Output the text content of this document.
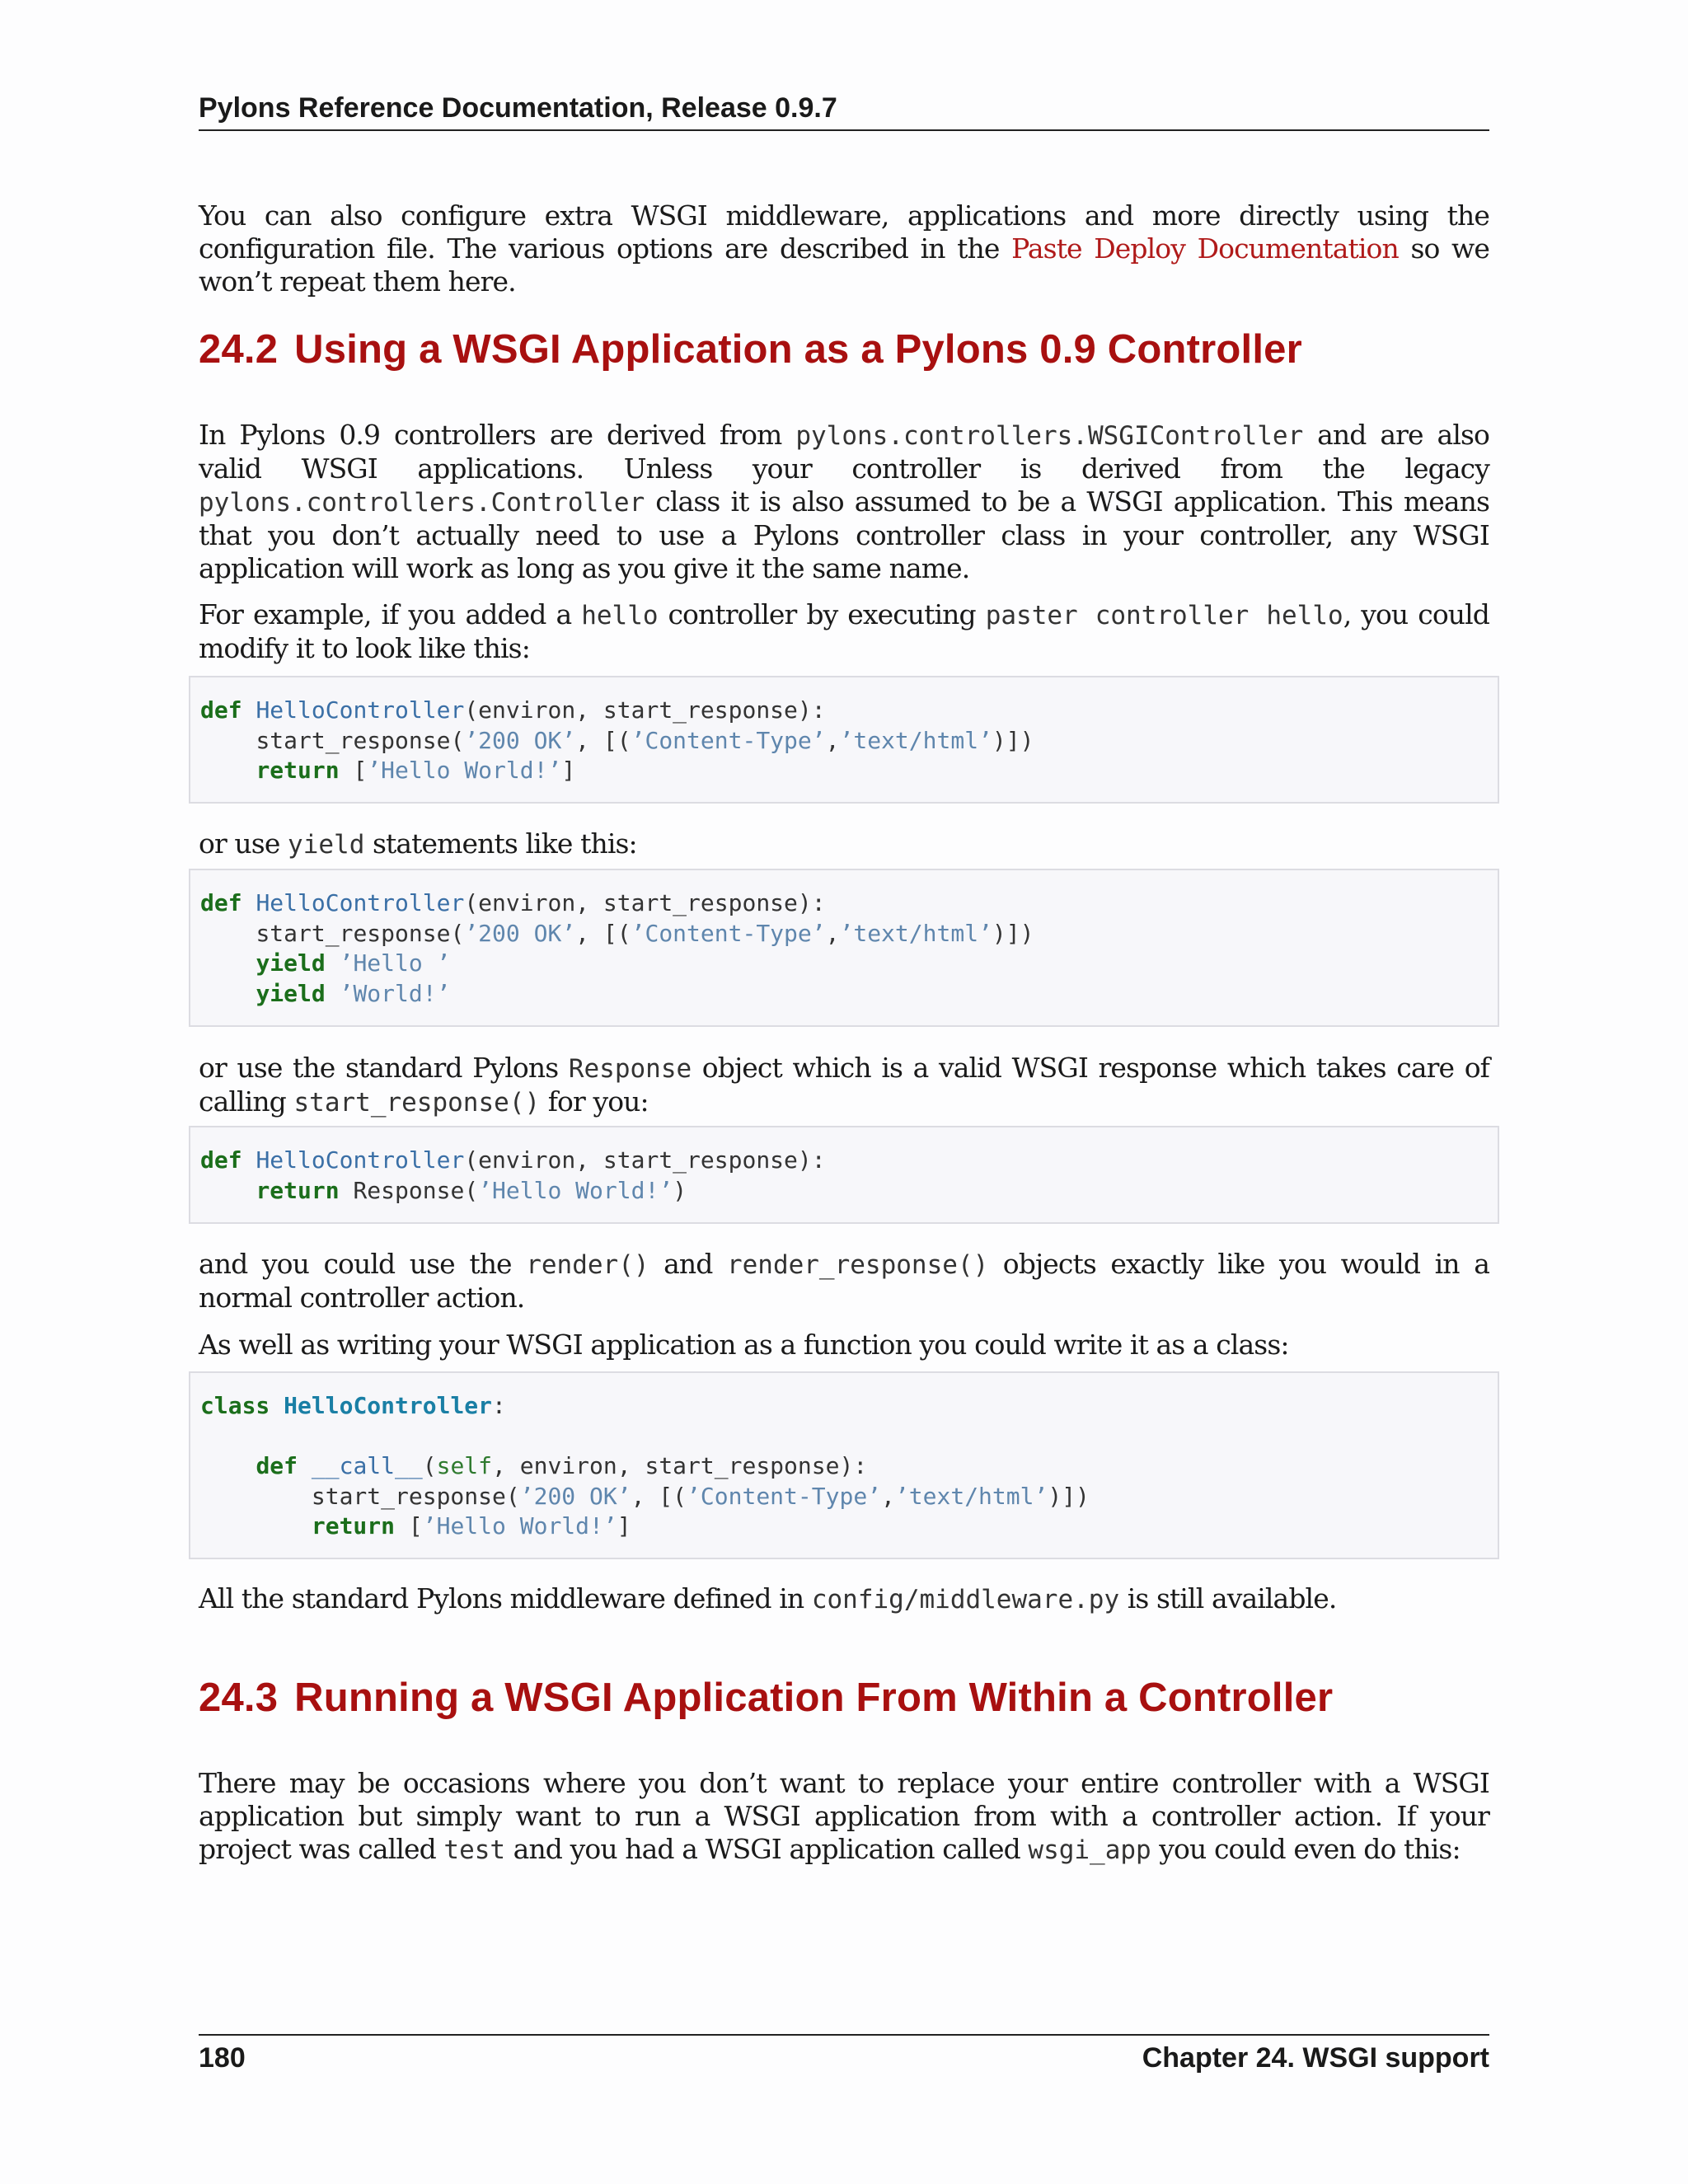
Pylons Reference Documentation, Release 0.9.7

You can also configure extra WSGI middleware, applications and more directly using the configuration file. The various options are described in the Paste Deploy Documentation so we won’t repeat them here.

24.2 Using a WSGI Application as a Pylons 0.9 Controller

In Pylons 0.9 controllers are derived from pylons.controllers.WSGIController and are also valid WSGI applications. Unless your controller is derived from the legacy pylons.controllers.Controller class it is also assumed to be a WSGI application. This means that you don’t actually need to use a Pylons controller class in your controller, any WSGI application will work as long as you give it the same name.

For example, if you added a hello controller by executing paster controller hello, you could modify it to look like this:

def HelloController(environ, start_response):
start_response(’200 OK’, [(’Content-Type’,’text/html’)])
return [’Hello World!’]

or use yield statements like this:

def HelloController(environ, start_response):
start_response(’200 OK’, [(’Content-Type’,’text/html’)])
yield ’Hello ’
yield ’World!’

or use the standard Pylons Response object which is a valid WSGI response which takes care of calling start_response() for you:

def HelloController(environ, start_response):
return Response(’Hello World!’)

and you could use the render() and render_response() objects exactly like you would in a normal controller action.

As well as writing your WSGI application as a function you could write it as a class:

class HelloController:

def __call__(self, environ, start_response):
start_response(’200 OK’, [(’Content-Type’,’text/html’)])
return [’Hello World!’]

All the standard Pylons middleware defined in config/middleware.py is still available.

24.3 Running a WSGI Application From Within a Controller

There may be occasions where you don’t want to replace your entire controller with a WSGI application but simply want to run a WSGI application from with a controller action. If your project was called test and you had a WSGI application called wsgi_app you could even do this:

180	Chapter 24. WSGI support
